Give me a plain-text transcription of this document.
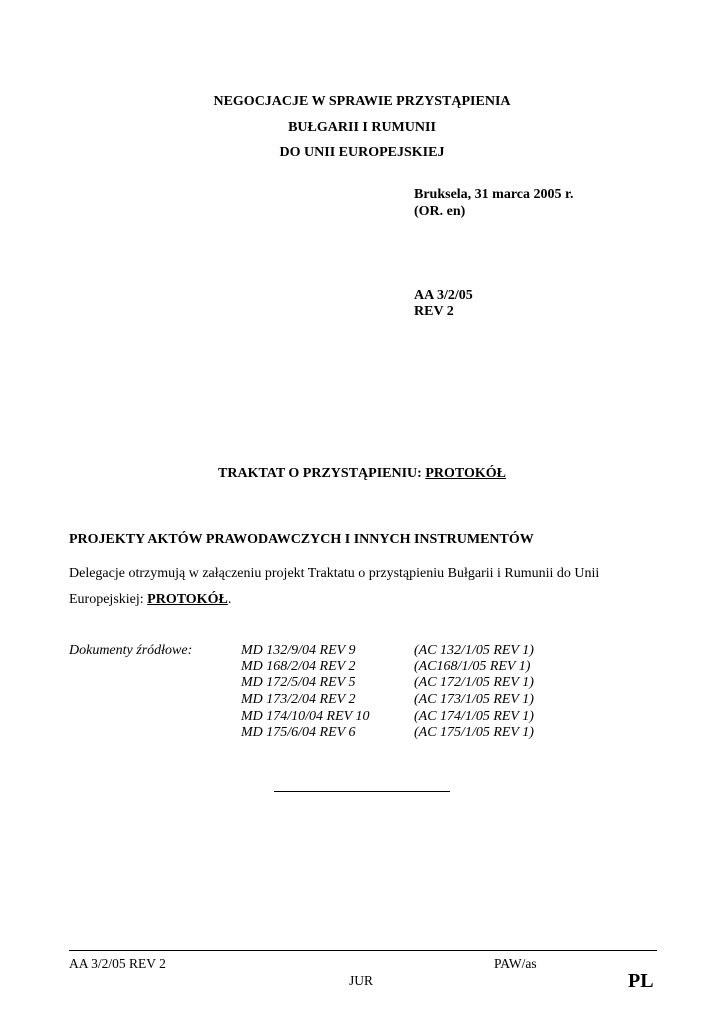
NEGOCJACJE W SPRAWIE PRZYSTĄPIENIA
BUŁGARII I RUMUNII
DO UNII EUROPEJSKIEJ
Bruksela, 31 marca 2005 r.
(OR. en)
AA 3/2/05
REV 2
TRAKTAT O PRZYSTĄPIENIU: PROTOKÓŁ
PROJEKTY AKTÓW PRAWODAWCZYCH I INNYCH INSTRUMENTÓW
Delegacje otrzymują w załączeniu projekt Traktatu o przystąpieniu Bułgarii i Rumunii do Unii
Europejskiej: PROTOKÓŁ.
Dokumenty źródłowe:	MD 132/9/04 REV 9	(AC 132/1/05 REV 1)
MD 168/2/04 REV 2	(AC168/1/05 REV 1)
MD 172/5/04 REV 5	(AC 172/1/05 REV 1)
MD 173/2/04 REV 2	(AC 173/1/05 REV 1)
MD 174/10/04 REV 10	(AC 174/1/05 REV 1)
MD 175/6/04 REV 6	(AC 175/1/05 REV 1)
AA 3/2/05 REV 2	PAW/as
JUR	PL
